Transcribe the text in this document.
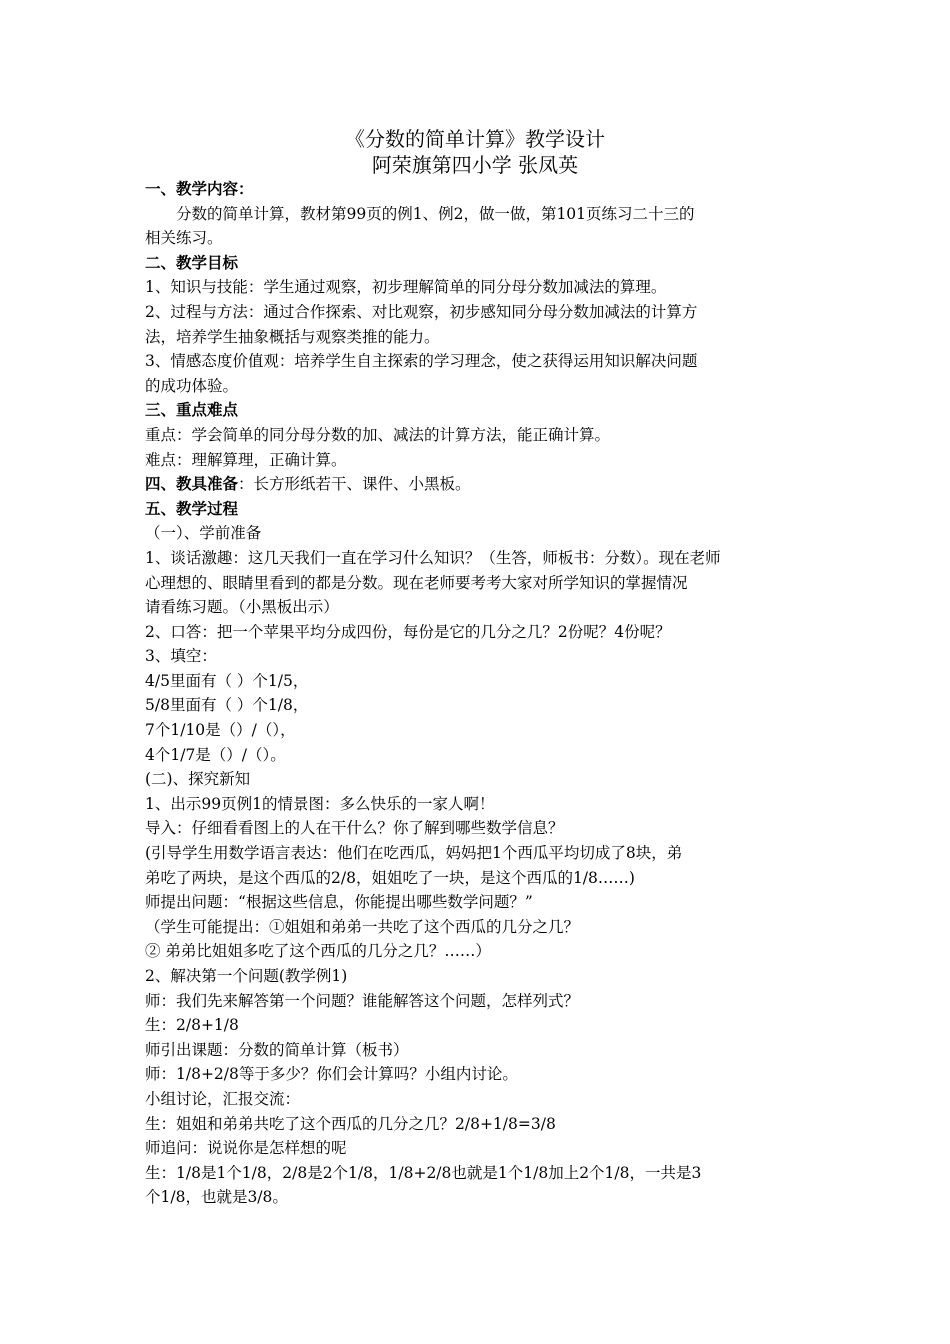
《分数的简单计算》教学设计
阿荣旗第四小学 张凤英
一、教学内容：
分数的简单计算，教材第99页的例1、例2，做一做，第101页练习二十三的
相关练习。
二、教学目标
1、知识与技能：学生通过观察，初步理解简单的同分母分数加减法的算理。
2、过程与方法：通过合作探索、对比观察，初步感知同分母分数加减法的计算方
法，培养学生抽象概括与观察类推的能力。
3、情感态度价值观：培养学生自主探索的学习理念，使之获得运用知识解决问题
的成功体验。
三、重点难点
重点：学会简单的同分母分数的加、减法的计算方法，能正确计算。
难点：理解算理，正确计算。
四、教具准备：长方形纸若干、课件、小黑板。
五、教学过程
（一）、学前准备
1、谈话激趣：这几天我们一直在学习什么知识？（生答，师板书：分数）。现在老师
心理想的、眼睛里看到的都是分数。现在老师要考考大家对所学知识的掌握情况
请看练习题。（小黑板出示）
2、口答：把一个苹果平均分成四份，每份是它的几分之几？2份呢？4份呢？
3、填空：
4/5里面有（ ）个1/5，
5/8里面有（ ）个1/8，
7个1/10是（）/（），
4个1/7是（）/（）。
(二)、探究新知
1、出示99页例1的情景图：多么快乐的一家人啊！
导入：仔细看看图上的人在干什么？你了解到哪些数学信息？
(引导学生用数学语言表达：他们在吃西瓜，妈妈把1个西瓜平均切成了8块，弟
弟吃了两块，是这个西瓜的2/8，姐姐吃了一块，是这个西瓜的1/8……)
师提出问题：“根据这些信息，你能提出哪些数学问题？”
（学生可能提出：①姐姐和弟弟一共吃了这个西瓜的几分之几？
② 弟弟比姐姐多吃了这个西瓜的几分之几？……）
2、解决第一个问题(教学例1)
师：我们先来解答第一个问题？谁能解答这个问题，怎样列式？
生：2/8+1/8
师引出课题：分数的简单计算（板书）
师：1/8+2/8等于多少？你们会计算吗？小组内讨论。
小组讨论，汇报交流：
生：姐姐和弟弟共吃了这个西瓜的几分之几？2/8+1/8=3/8
师追问：说说你是怎样想的呢
生：1/8是1个1/8，2/8是2个1/8，1/8+2/8也就是1个1/8加上2个1/8，一共是3
个1/8，也就是3/8。
